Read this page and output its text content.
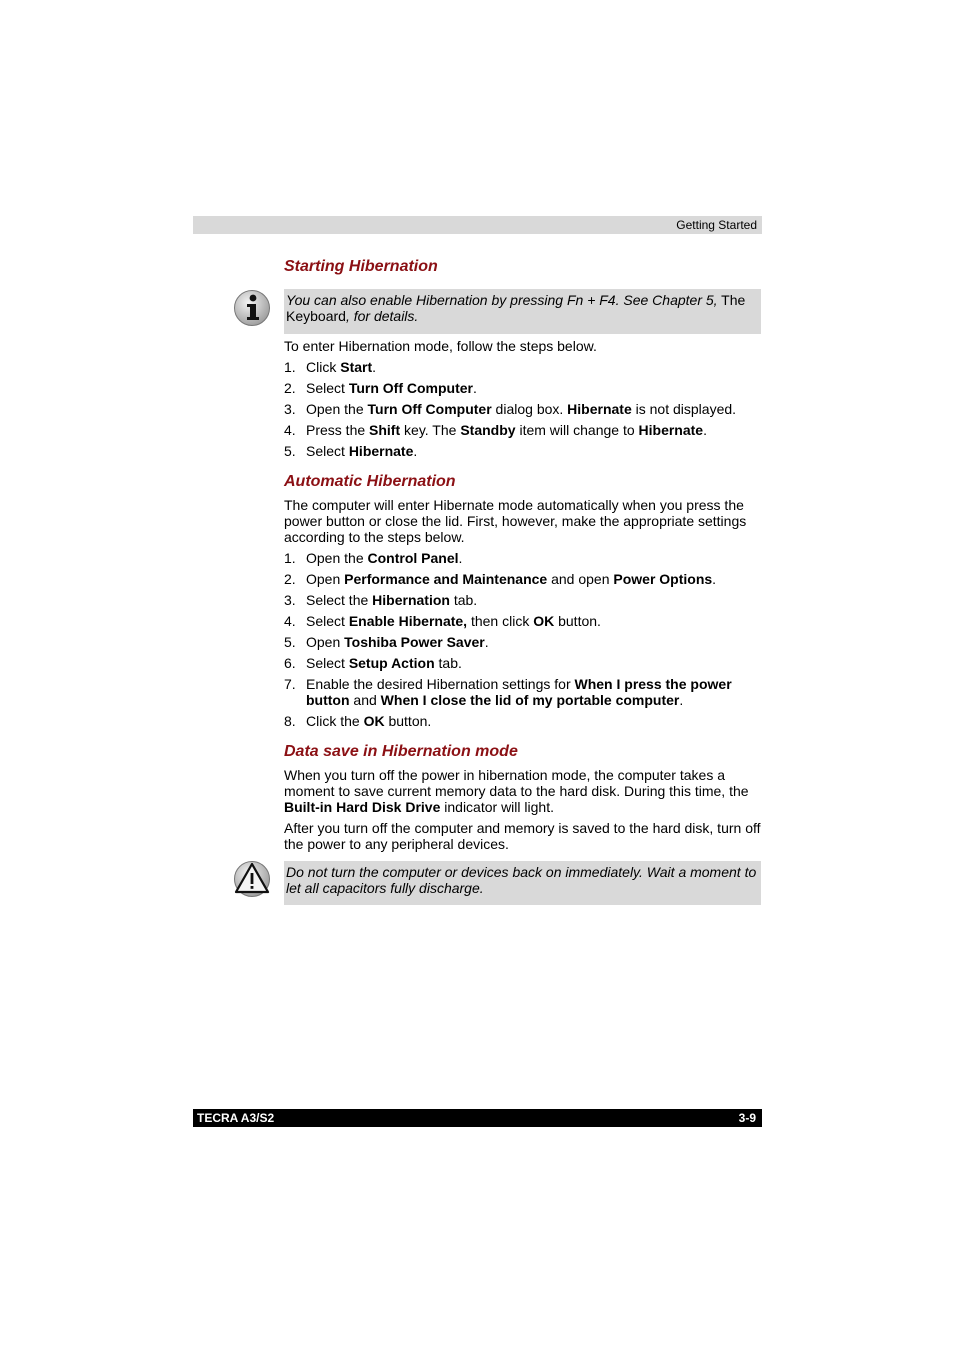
Getting Started
Starting Hibernation
You can also enable Hibernation by pressing Fn + F4. See Chapter 5, The Keyboard, for details.

To enter Hibernation mode, follow the steps below.

1. Click Start.
2. Select Turn Off Computer.
3. Open the Turn Off Computer dialog box. Hibernate is not displayed.
4. Press the Shift key. The Standby item will change to Hibernate.
5. Select Hibernate.
Automatic Hibernation

The computer will enter Hibernate mode automatically when you press the power button or close the lid. First, however, make the appropriate settings according to the steps below.

1. Open the Control Panel.
2. Open Performance and Maintenance and open Power Options.
3. Select the Hibernation tab.
4. Select Enable Hibernate, then click OK button.
5. Open Toshiba Power Saver.
6. Select Setup Action tab.
7. Enable the desired Hibernation settings for When I press the power button and When I close the lid of my portable computer.
8. Click the OK button.
Data save in Hibernation mode

When you turn off the power in hibernation mode, the computer takes a moment to save current memory data to the hard disk. During this time, the Built-in Hard Disk Drive indicator will light.

After you turn off the computer and memory is saved to the hard disk, turn off the power to any peripheral devices.

Do not turn the computer or devices back on immediately. Wait a moment to let all capacitors fully discharge.
TECRA A3/S2	3-9
